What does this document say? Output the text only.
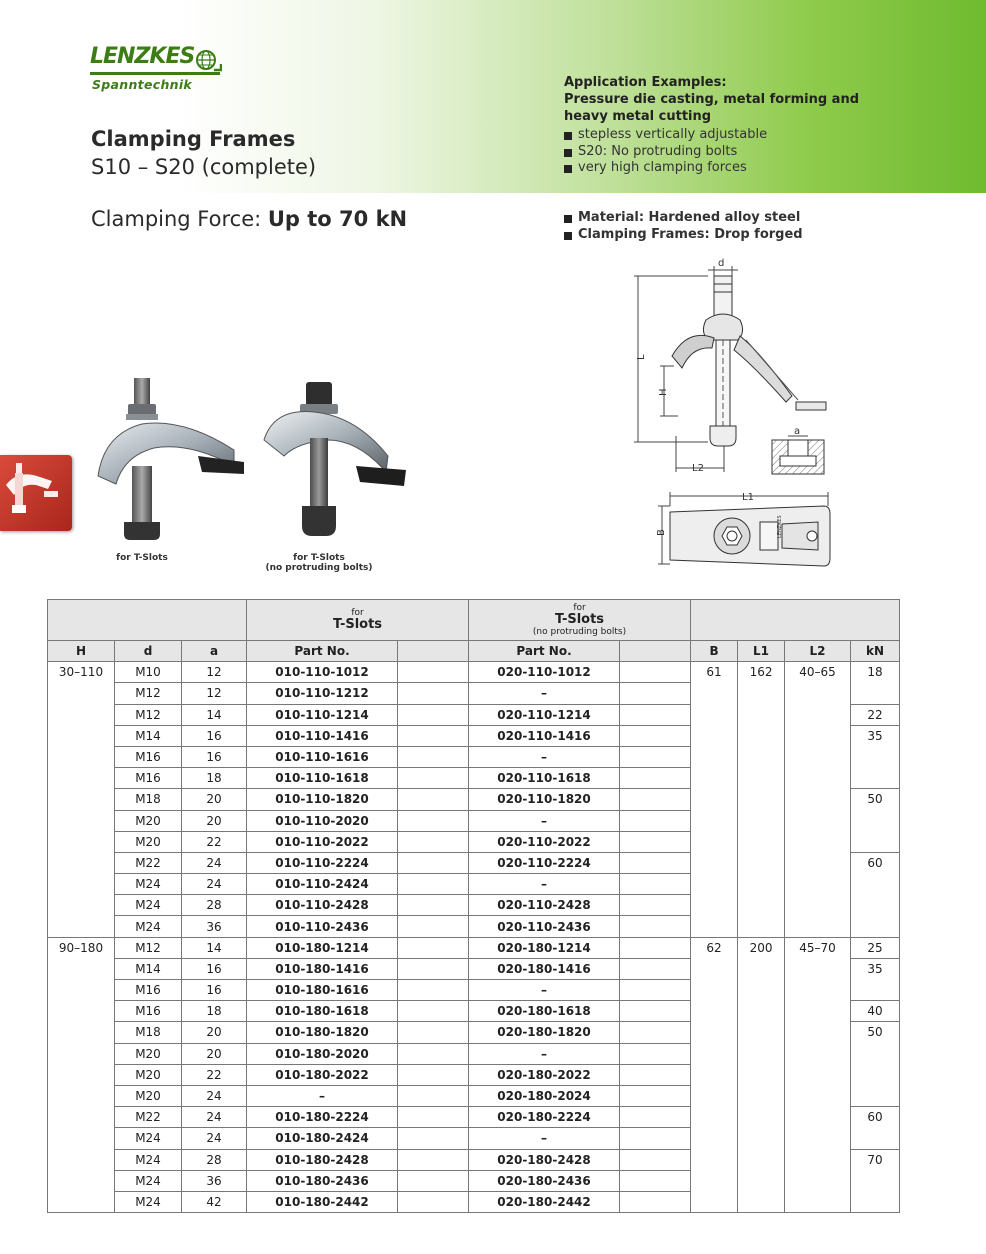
LENZKES
Spanntechnik
Clamping Frames
S10 – S20 (complete)
Clamping Force: Up to 70 kN
Application Examples:
Pressure die casting, metal forming and
heavy metal cutting
stepless vertically adjustable
S20: No protruding bolts
very high clamping forces
Material: Hardened alloy steel
Clamping Frames: Drop forged
for T-Slots	for T-Slots
(no protruding bolts)
d
L
H
L2
a
LENZKES
L1
B

			for
T-Slots		for
T-Slots
(no protruding bolts)					

H	d	a	Part No.		Part No.		B	L1	L2	kN
30–110	M10	12	010-110-1012		020-110-1012		61	162	40–65	18
	M12	12	010-110-1212		–					
	M12	14	010-110-1214		020-110-1214					22
	M14	16	010-110-1416		020-110-1416					35
	M16	16	010-110-1616		–					
	M16	18	010-110-1618		020-110-1618					
	M18	20	010-110-1820		020-110-1820					50
	M20	20	010-110-2020		–					
	M20	22	010-110-2022		020-110-2022					
	M22	24	010-110-2224		020-110-2224					60
	M24	24	010-110-2424		–					
	M24	28	010-110-2428		020-110-2428					
	M24	36	010-110-2436		020-110-2436					
90–180	M12	14	010-180-1214		020-180-1214		62	200	45–70	25
	M14	16	010-180-1416		020-180-1416					35
	M16	16	010-180-1616		–					
	M16	18	010-180-1618		020-180-1618					40
	M18	20	010-180-1820		020-180-1820					50
	M20	20	010-180-2020		–					
	M20	22	010-180-2022		020-180-2022					
	M20	24	–		020-180-2024					
	M22	24	010-180-2224		020-180-2224					60
	M24	24	010-180-2424		–					
	M24	28	010-180-2428		020-180-2428					70
	M24	36	010-180-2436		020-180-2436					
	M24	42	010-180-2442		020-180-2442					
